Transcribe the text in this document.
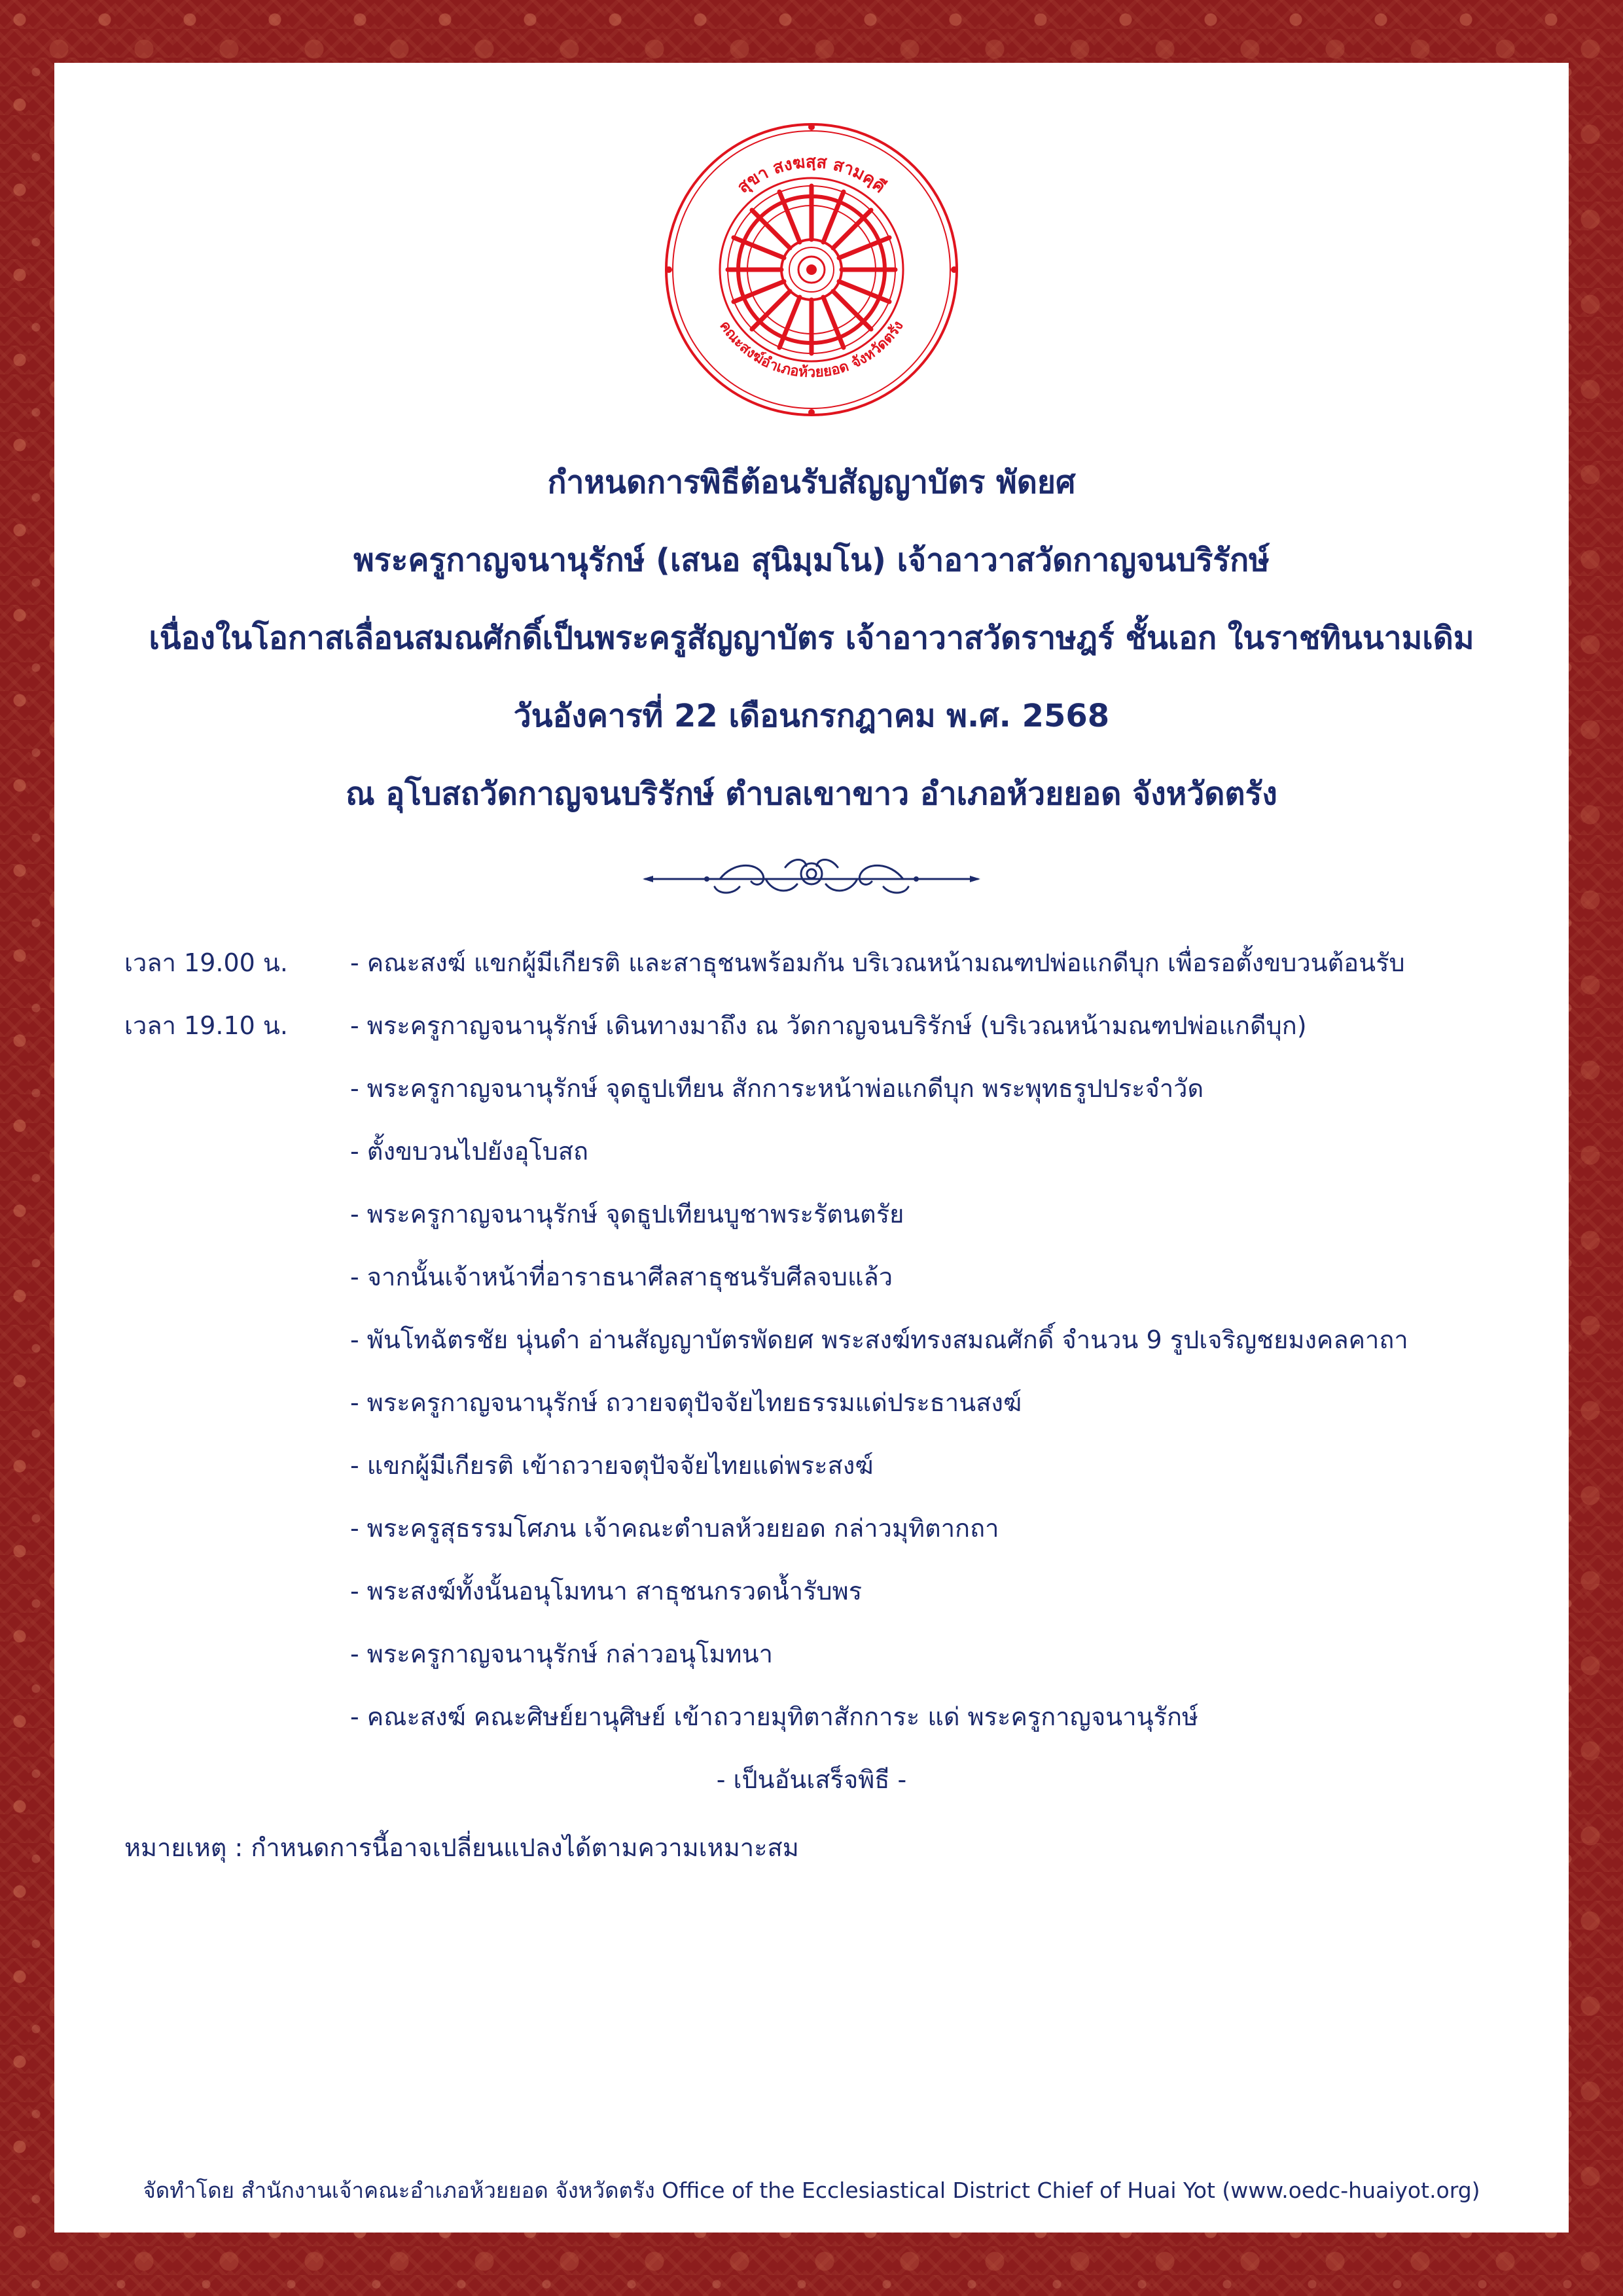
สุขา สงฆสฺส สามคฺคี
คณะสงฆ์อำเภอห้วยยอด จังหวัดตรัง
กำหนดการพิธีต้อนรับสัญญาบัตร พัดยศ
พระครูกาญจนานุรักษ์ (เสนอ สุนิมฺมโน) เจ้าอาวาสวัดกาญจนบริรักษ์
เนื่องในโอกาสเลื่อนสมณศักดิ์เป็นพระครูสัญญาบัตร เจ้าอาวาสวัดราษฎร์ ชั้นเอก ในราชทินนามเดิม
วันอังคารที่ 22 เดือนกรกฎาคม พ.ศ. 2568
ณ อุโบสถวัดกาญจนบริรักษ์ ตำบลเขาขาว อำเภอห้วยยอด จังหวัดตรัง
เวลา 19.00 น.	- คณะสงฆ์ แขกผู้มีเกียรติ และสาธุชนพร้อมกัน บริเวณหน้ามณฑปพ่อแกดีบุก เพื่อรอตั้งขบวนต้อนรับ
เวลา 19.10 น.	- พระครูกาญจนานุรักษ์ เดินทางมาถึง ณ วัดกาญจนบริรักษ์ (บริเวณหน้ามณฑปพ่อแกดีบุก)
- พระครูกาญจนานุรักษ์ จุดธูปเทียน สักการะหน้าพ่อแกดีบุก พระพุทธรูปประจำวัด
- ตั้งขบวนไปยังอุโบสถ
- พระครูกาญจนานุรักษ์ จุดธูปเทียนบูชาพระรัตนตรัย
- จากนั้นเจ้าหน้าที่อาราธนาศีลสาธุชนรับศีลจบแล้ว
- พันโทฉัตรชัย นุ่นดำ อ่านสัญญาบัตรพัดยศ พระสงฆ์ทรงสมณศักดิ์ จำนวน 9 รูปเจริญชยมงคลคาถา
- พระครูกาญจนานุรักษ์ ถวายจตุปัจจัยไทยธรรมแด่ประธานสงฆ์
- แขกผู้มีเกียรติ เข้าถวายจตุปัจจัยไทยแด่พระสงฆ์
- พระครูสุธรรมโศภน เจ้าคณะตำบลห้วยยอด กล่าวมุทิตากถา
- พระสงฆ์ทั้งนั้นอนุโมทนา สาธุชนกรวดน้ำรับพร
- พระครูกาญจนานุรักษ์ กล่าวอนุโมทนา
- คณะสงฆ์ คณะศิษย์ยานุศิษย์ เข้าถวายมุทิตาสักการะ แด่ พระครูกาญจนานุรักษ์
- เป็นอันเสร็จพิธี -
หมายเหตุ : กำหนดการนี้อาจเปลี่ยนแปลงได้ตามความเหมาะสม
จัดทำโดย สำนักงานเจ้าคณะอำเภอห้วยยอด จังหวัดตรัง Office of the Ecclesiastical District Chief of Huai Yot (www.oedc-huaiyot.org)
